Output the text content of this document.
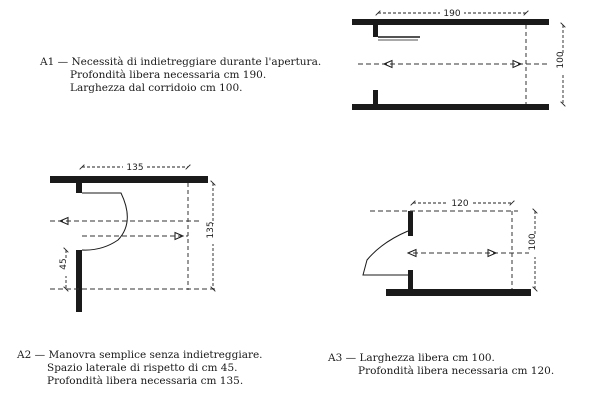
190
100
135
135
45
120
100
A1 — Necessità di indietreggiare durante l'apertura.
Profondità libera necessaria cm 190.
Larghezza dal corridoio cm 100.
A2 — Manovra semplice senza indietreggiare.
Spazio laterale di rispetto di cm 45.
Profondità libera necessaria cm 135.
A3 — Larghezza libera cm 100.
Profondità libera necessaria cm 120.
